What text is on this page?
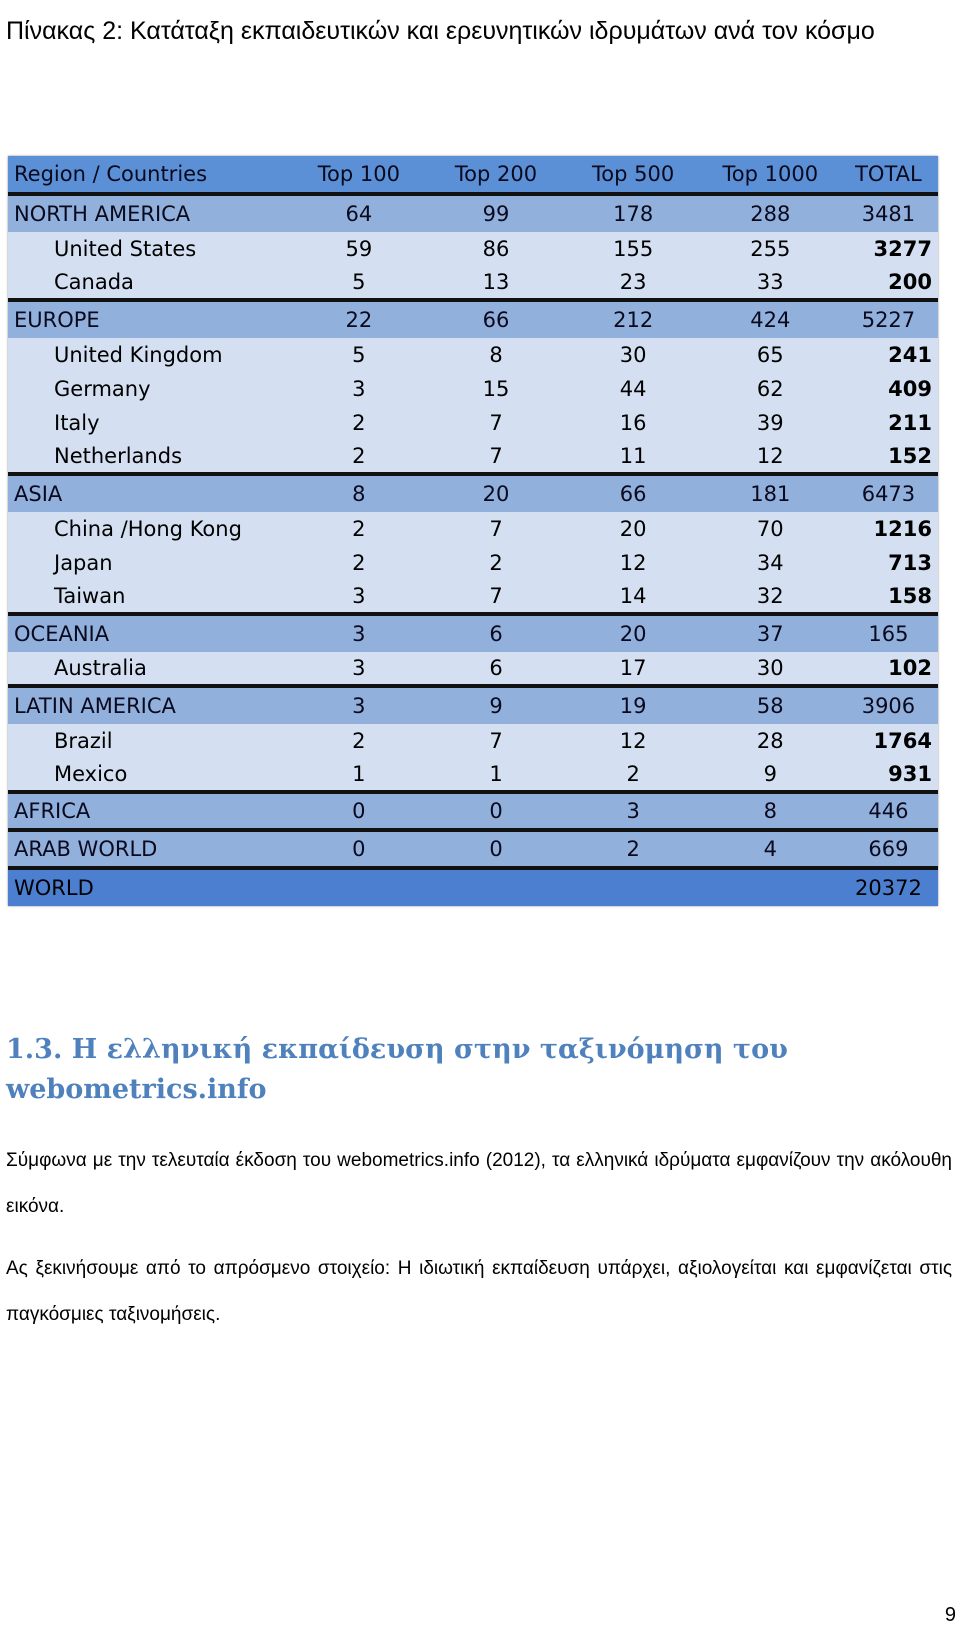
Πίνακας 2: Κατάταξη εκπαιδευτικών και ερευνητικών ιδρυμάτων ανά τον κόσμο

Region / Countries	Top 100	Top 200	Top 500	Top 1000	TOTAL
NORTH AMERICA	64	99	178	288	3481
United States	59	86	155	255	3277
Canada	5	13	23	33	200
EUROPE	22	66	212	424	5227
United Kingdom	5	8	30	65	241
Germany	3	15	44	62	409
Italy	2	7	16	39	211
Netherlands	2	7	11	12	152
ASIA	8	20	66	181	6473
China /Hong Kong	2	7	20	70	1216
Japan	2	2	12	34	713
Taiwan	3	7	14	32	158
OCEANIA	3	6	20	37	165
Australia	3	6	17	30	102
LATIN AMERICA	3	9	19	58	3906
Brazil	2	7	12	28	1764
Mexico	1	1	2	9	931
AFRICA	0	0	3	8	446
ARAB WORLD	0	0	2	4	669
WORLD					20372
1.3. Η ελληνική εκπαίδευση στην ταξινόμηση του webometrics.info

Σύμφωνα με την τελευταία έκδοση του webometrics.info (2012), τα ελληνικά ιδρύματα εμφανίζουν την ακόλουθη εικόνα.

Ας ξεκινήσουμε από το απρόσμενο στοιχείο: Η ιδιωτική εκπαίδευση υπάρχει, αξιολογείται και εμφανίζεται στις παγκόσμιες ταξινομήσεις.

9
